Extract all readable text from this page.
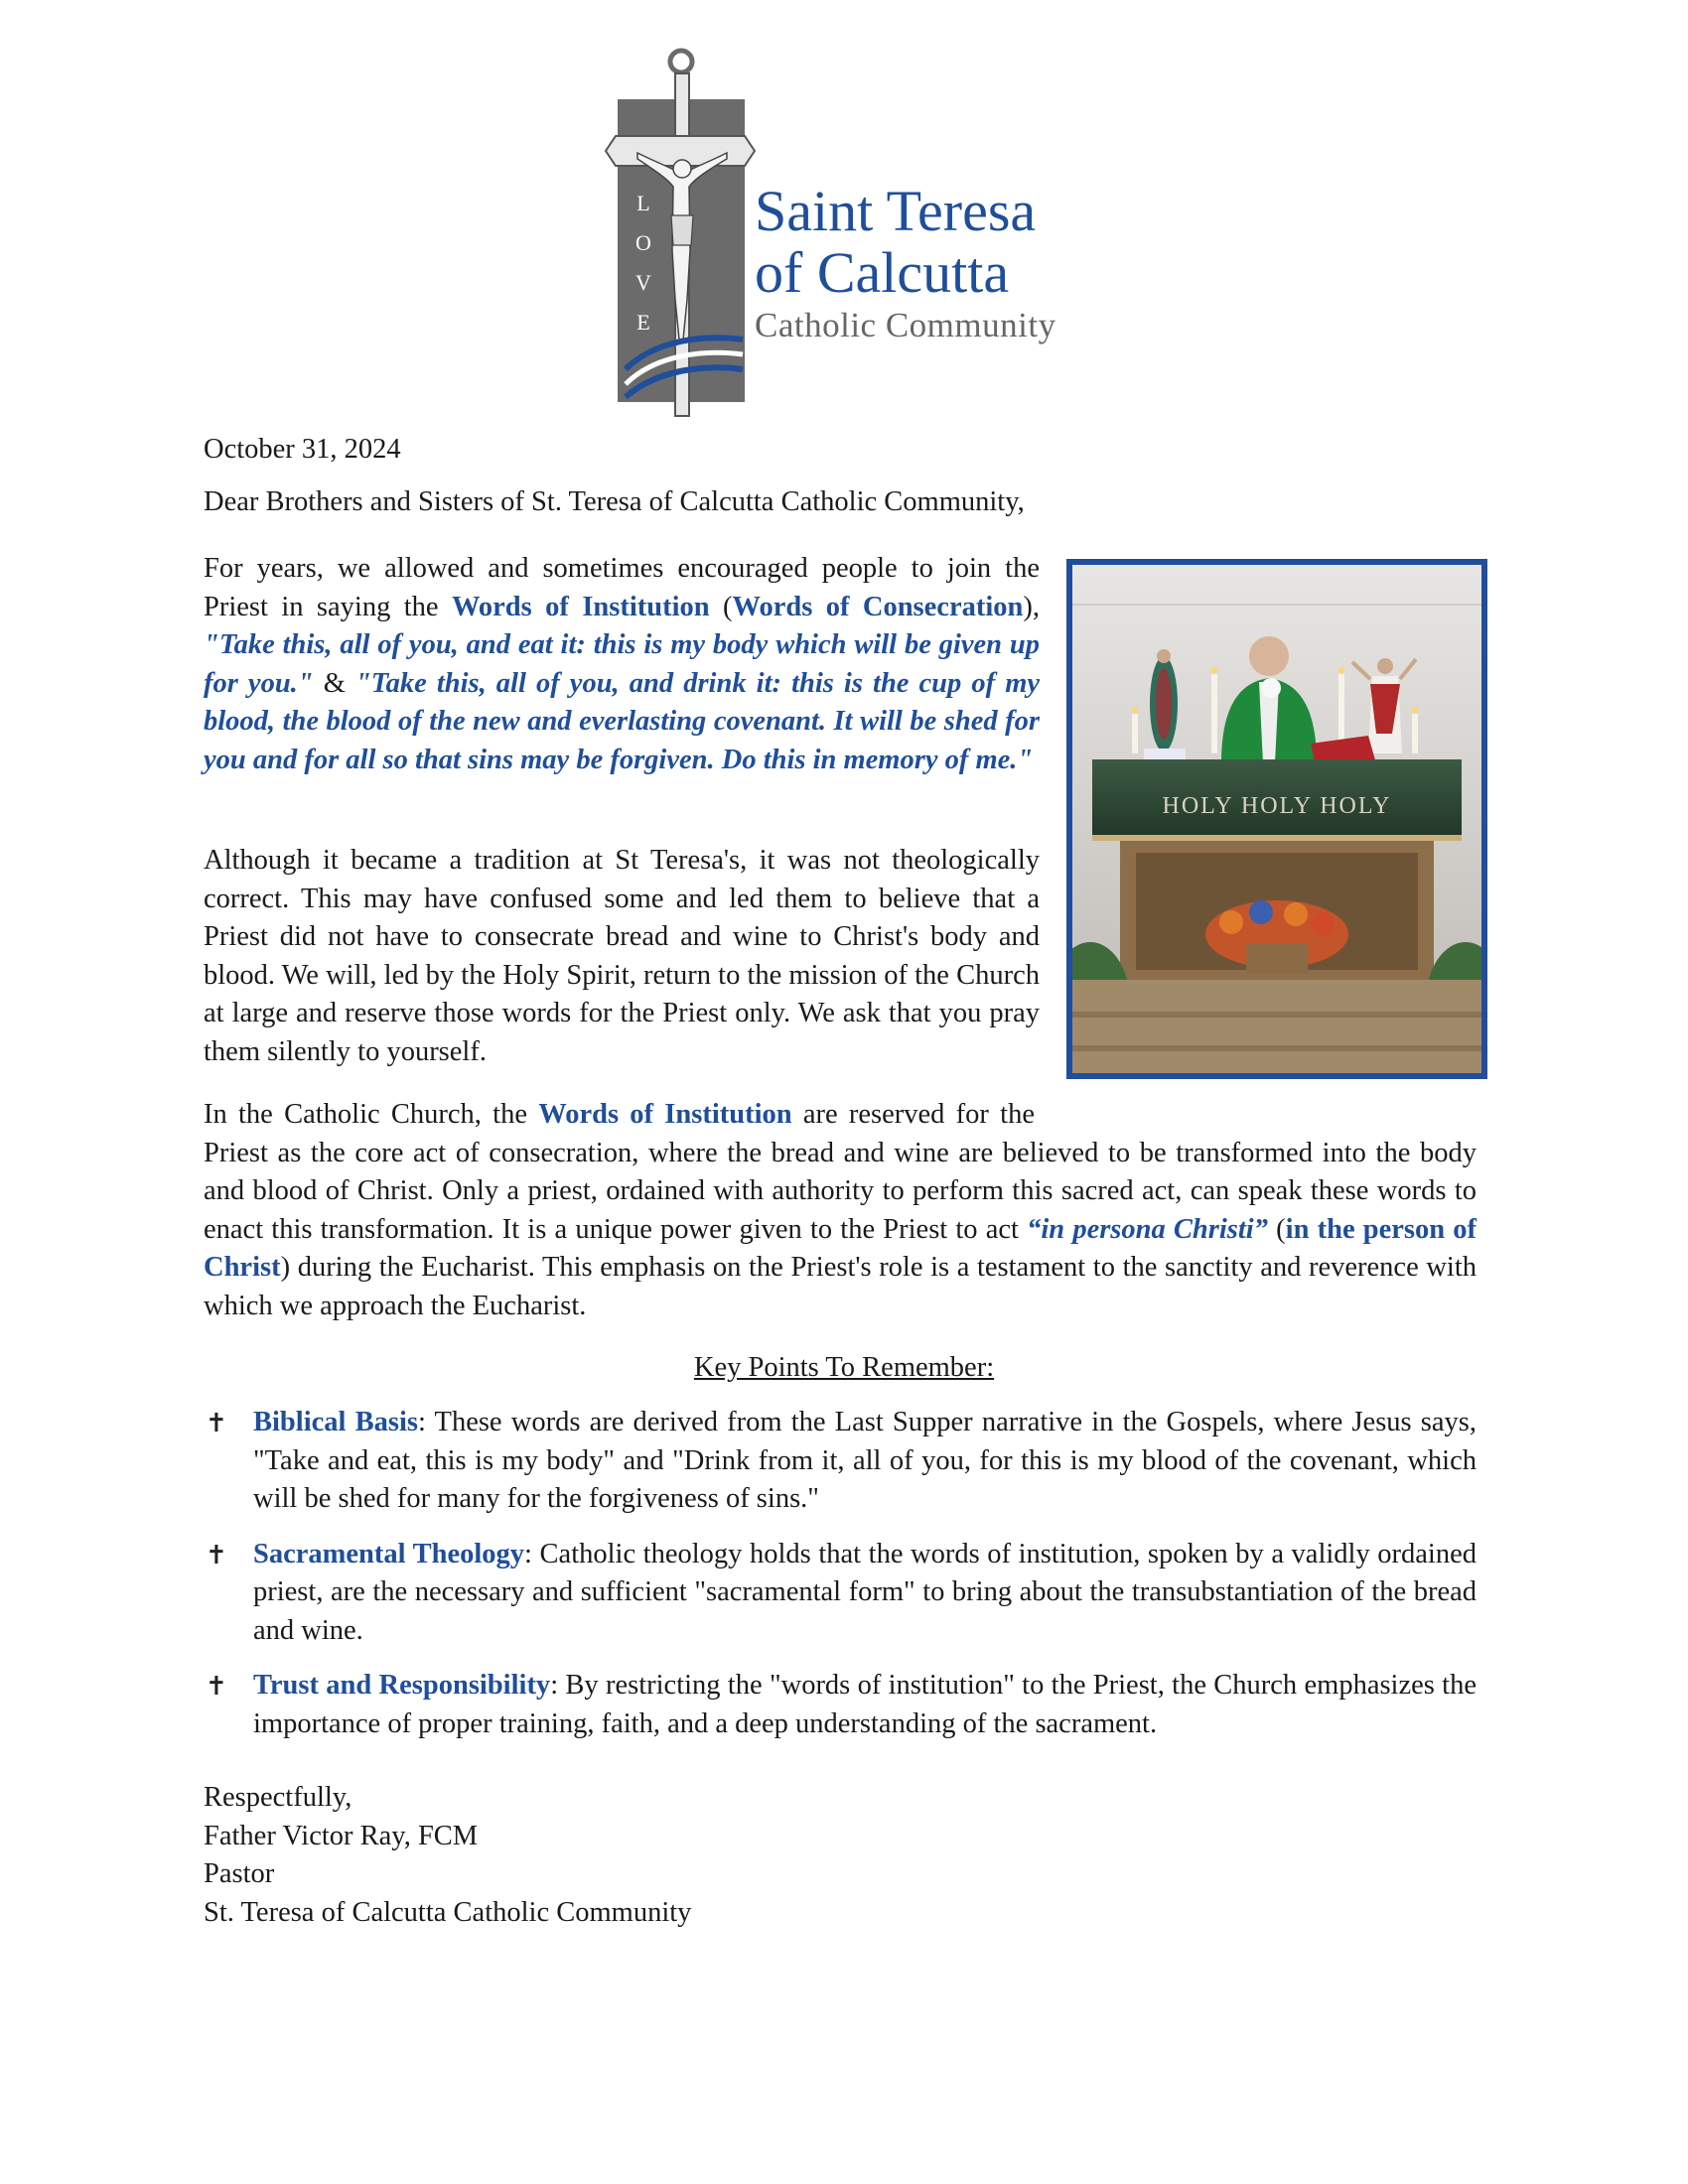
L
O
V
E
Saint Teresa
of Calcutta
Catholic Community
October 31, 2024
Dear Brothers and Sisters of St. Teresa of Calcutta Catholic Community,
For years, we allowed and sometimes encouraged people to join the Priest in saying the Words of Institution (Words of Consecration), "Take this, all of you, and eat it: this is my body which will be given up for you." & "Take this, all of you, and drink it: this is the cup of my blood, the blood of the new and everlasting covenant. It will be shed for you and for all so that sins may be forgiven. Do this in memory of me."
Although it became a tradition at St Teresa's, it was not theologically correct. This may have confused some and led them to believe that a Priest did not have to consecrate bread and wine to Christ's body and blood. We will, led by the Holy Spirit, return to the mission of the Church at large and reserve those words for the Priest only. We ask that you pray them silently to yourself.
In the Catholic Church, the Words of Institution are reserved for the Priest as the core act of consecration, where the bread and wine are believed to be transformed into the body and blood of Christ. Only a priest, ordained with authority to perform this sacred act, can speak these words to enact this transformation. It is a unique power given to the Priest to act “in persona Christi” (in the person of Christ) during the Eucharist. This emphasis on the Priest's role is a testament to the sanctity and reverence with which we approach the Eucharist.
HOLY HOLY HOLY
Key Points To Remember:
✝ Biblical Basis: These words are derived from the Last Supper narrative in the Gospels, where Jesus says, "Take and eat, this is my body" and "Drink from it, all of you, for this is my blood of the covenant, which will be shed for many for the forgiveness of sins."
✝ Sacramental Theology: Catholic theology holds that the words of institution, spoken by a validly ordained priest, are the necessary and sufficient "sacramental form" to bring about the transubstantiation of the bread and wine.
✝ Trust and Responsibility: By restricting the "words of institution" to the Priest, the Church emphasizes the importance of proper training, faith, and a deep understanding of the sacrament.
Respectfully,
Father Victor Ray, FCM
Pastor
St. Teresa of Calcutta Catholic Community
